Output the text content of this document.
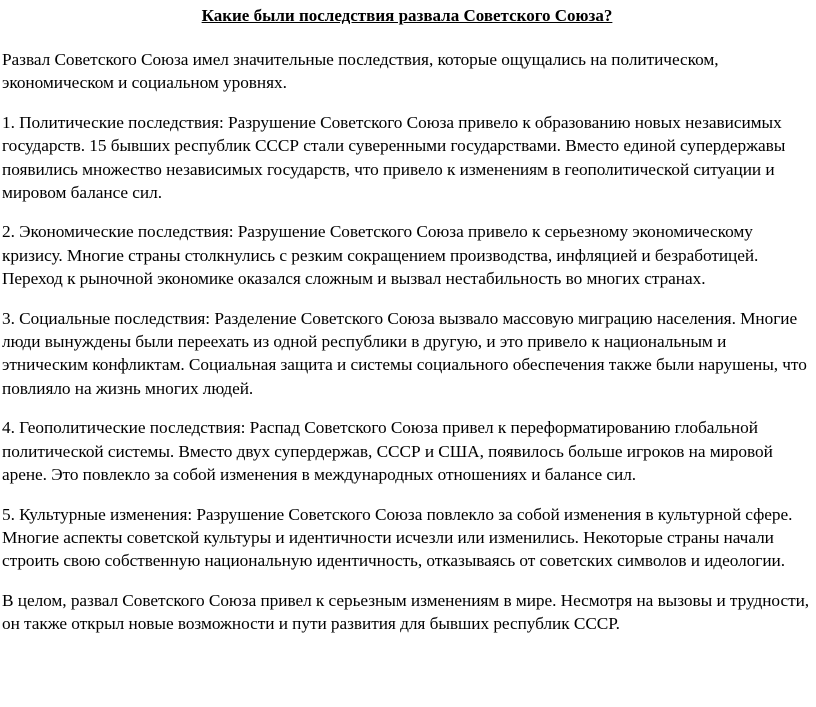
Какие были последствия развала Советского Союза?

Развал Советского Союза имел значительные последствия, которые ощущались на политическом, экономическом и социальном уровнях.

1. Политические последствия: Разрушение Советского Союза привело к образованию новых независимых государств. 15 бывших республик СССР стали суверенными государствами. Вместо единой супердержавы появились множество независимых государств, что привело к изменениям в геополитической ситуации и мировом балансе сил.

2. Экономические последствия: Разрушение Советского Союза привело к серьезному экономическому кризису. Многие страны столкнулись с резким сокращением производства, инфляцией и безработицей. Переход к рыночной экономике оказался сложным и вызвал нестабильность во многих странах.

3. Социальные последствия: Разделение Советского Союза вызвало массовую миграцию населения. Многие люди вынуждены были переехать из одной республики в другую, и это привело к национальным и этническим конфликтам. Социальная защита и системы социального обеспечения также были нарушены, что повлияло на жизнь многих людей.

4. Геополитические последствия: Распад Советского Союза привел к переформатированию глобальной политической системы. Вместо двух супердержав, СССР и США, появилось больше игроков на мировой арене. Это повлекло за собой изменения в международных отношениях и балансе сил.

5. Культурные изменения: Разрушение Советского Союза повлекло за собой изменения в культурной сфере. Многие аспекты советской культуры и идентичности исчезли или изменились. Некоторые страны начали строить свою собственную национальную идентичность, отказываясь от советских символов и идеологии.

В целом, развал Советского Союза привел к серьезным изменениям в мире. Несмотря на вызовы и трудности, он также открыл новые возможности и пути развития для бывших республик СССР.
